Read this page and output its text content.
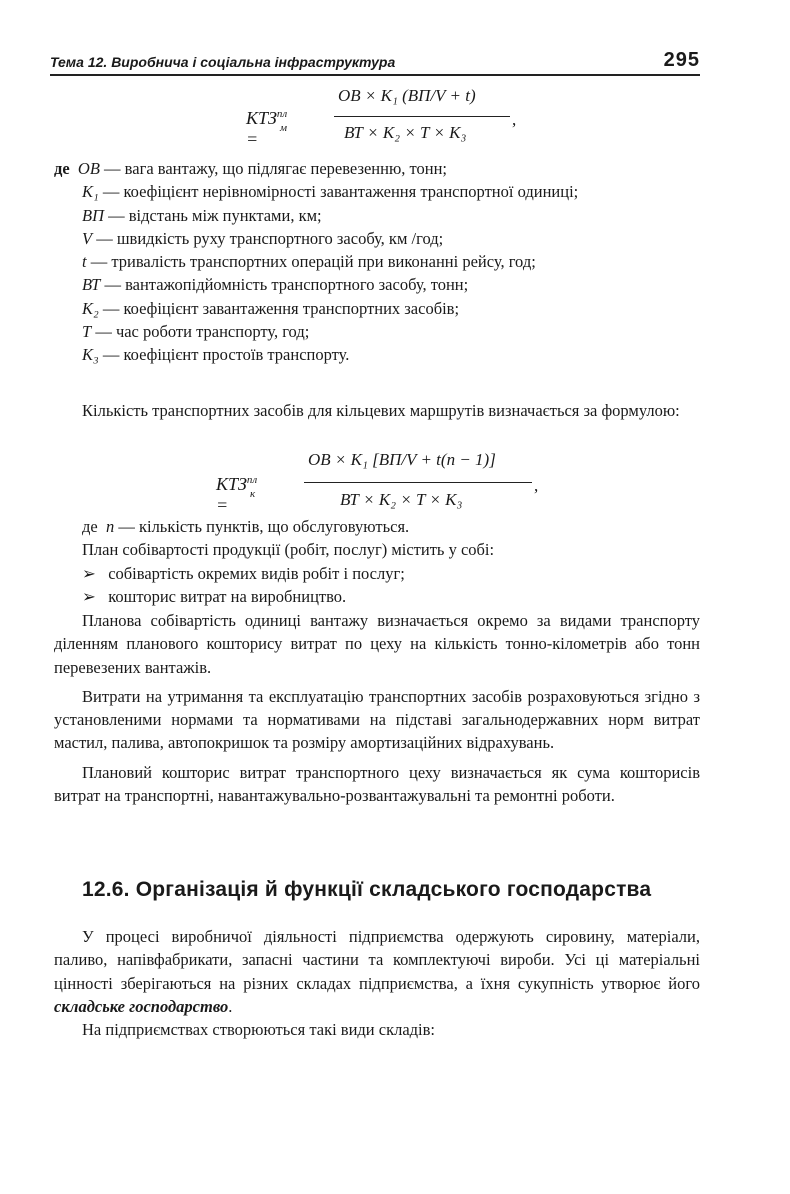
Тема 12. Виробнича і соціальна інфраструктура	295
$КТЗ^{пл}$
м
=
ОВ × K₁ (ВП/V + t)
ВТ × K₂ × T × K₃
,

де ОВ — вага вантажу, що підлягає перевезенню, тонн;

K₁ — коефіцієнт нерівномірності завантаження транспортної одиниці;

ВП — відстань між пунктами, км;

V — швидкість руху транспортного засобу, км /год;

t — тривалість транспортних операцій при виконанні рейсу, год;

ВТ — вантажопідйомність транспортного засобу, тонн;

K₂ — коефіцієнт завантаження транспортних засобів;

T — час роботи транспорту, год;

K₃ — коефіцієнт простоїв транспорту.

Кількість транспортних засобів для кільцевих маршрутів визначається за формулою:

$КТЗ^{пл}$
к
=
ОВ × K₁ [ВП/V + t(n − 1)]
ВТ × K₂ × T × K₃
,

де n — кількість пунктів, що обслуговуються.

План собівартості продукції (робіт, послуг) містить у собі:

➢ собівартість окремих видів робіт і послуг;

➢ кошторис витрат на виробництво.

Планова собівартість одиниці вантажу визначається окремо за видами транспорту діленням планового кошторису витрат по цеху на кількість тонно-кілометрів або тонн перевезених вантажів.

Витрати на утримання та експлуатацію транспортних засобів розраховуються згідно з установленими нормами та нормативами на підставі загальнодержавних норм витрат мастил, палива, автопокришок та розміру амортизаційних відрахувань.

Плановий кошторис витрат транспортного цеху визначається як сума кошторисів витрат на транспортні, навантажувально-розвантажувальні та ремонтні роботи.

12.6. Організація й функції складського господарства

У процесі виробничої діяльності підприємства одержують сировину, матеріали, паливо, напівфабрикати, запасні частини та комплектуючі вироби. Усі ці матеріальні цінності зберігаються на різних складах підприємства, а їхня сукупність утворює його складське господарство.

На підприємствах створюються такі види складів:
